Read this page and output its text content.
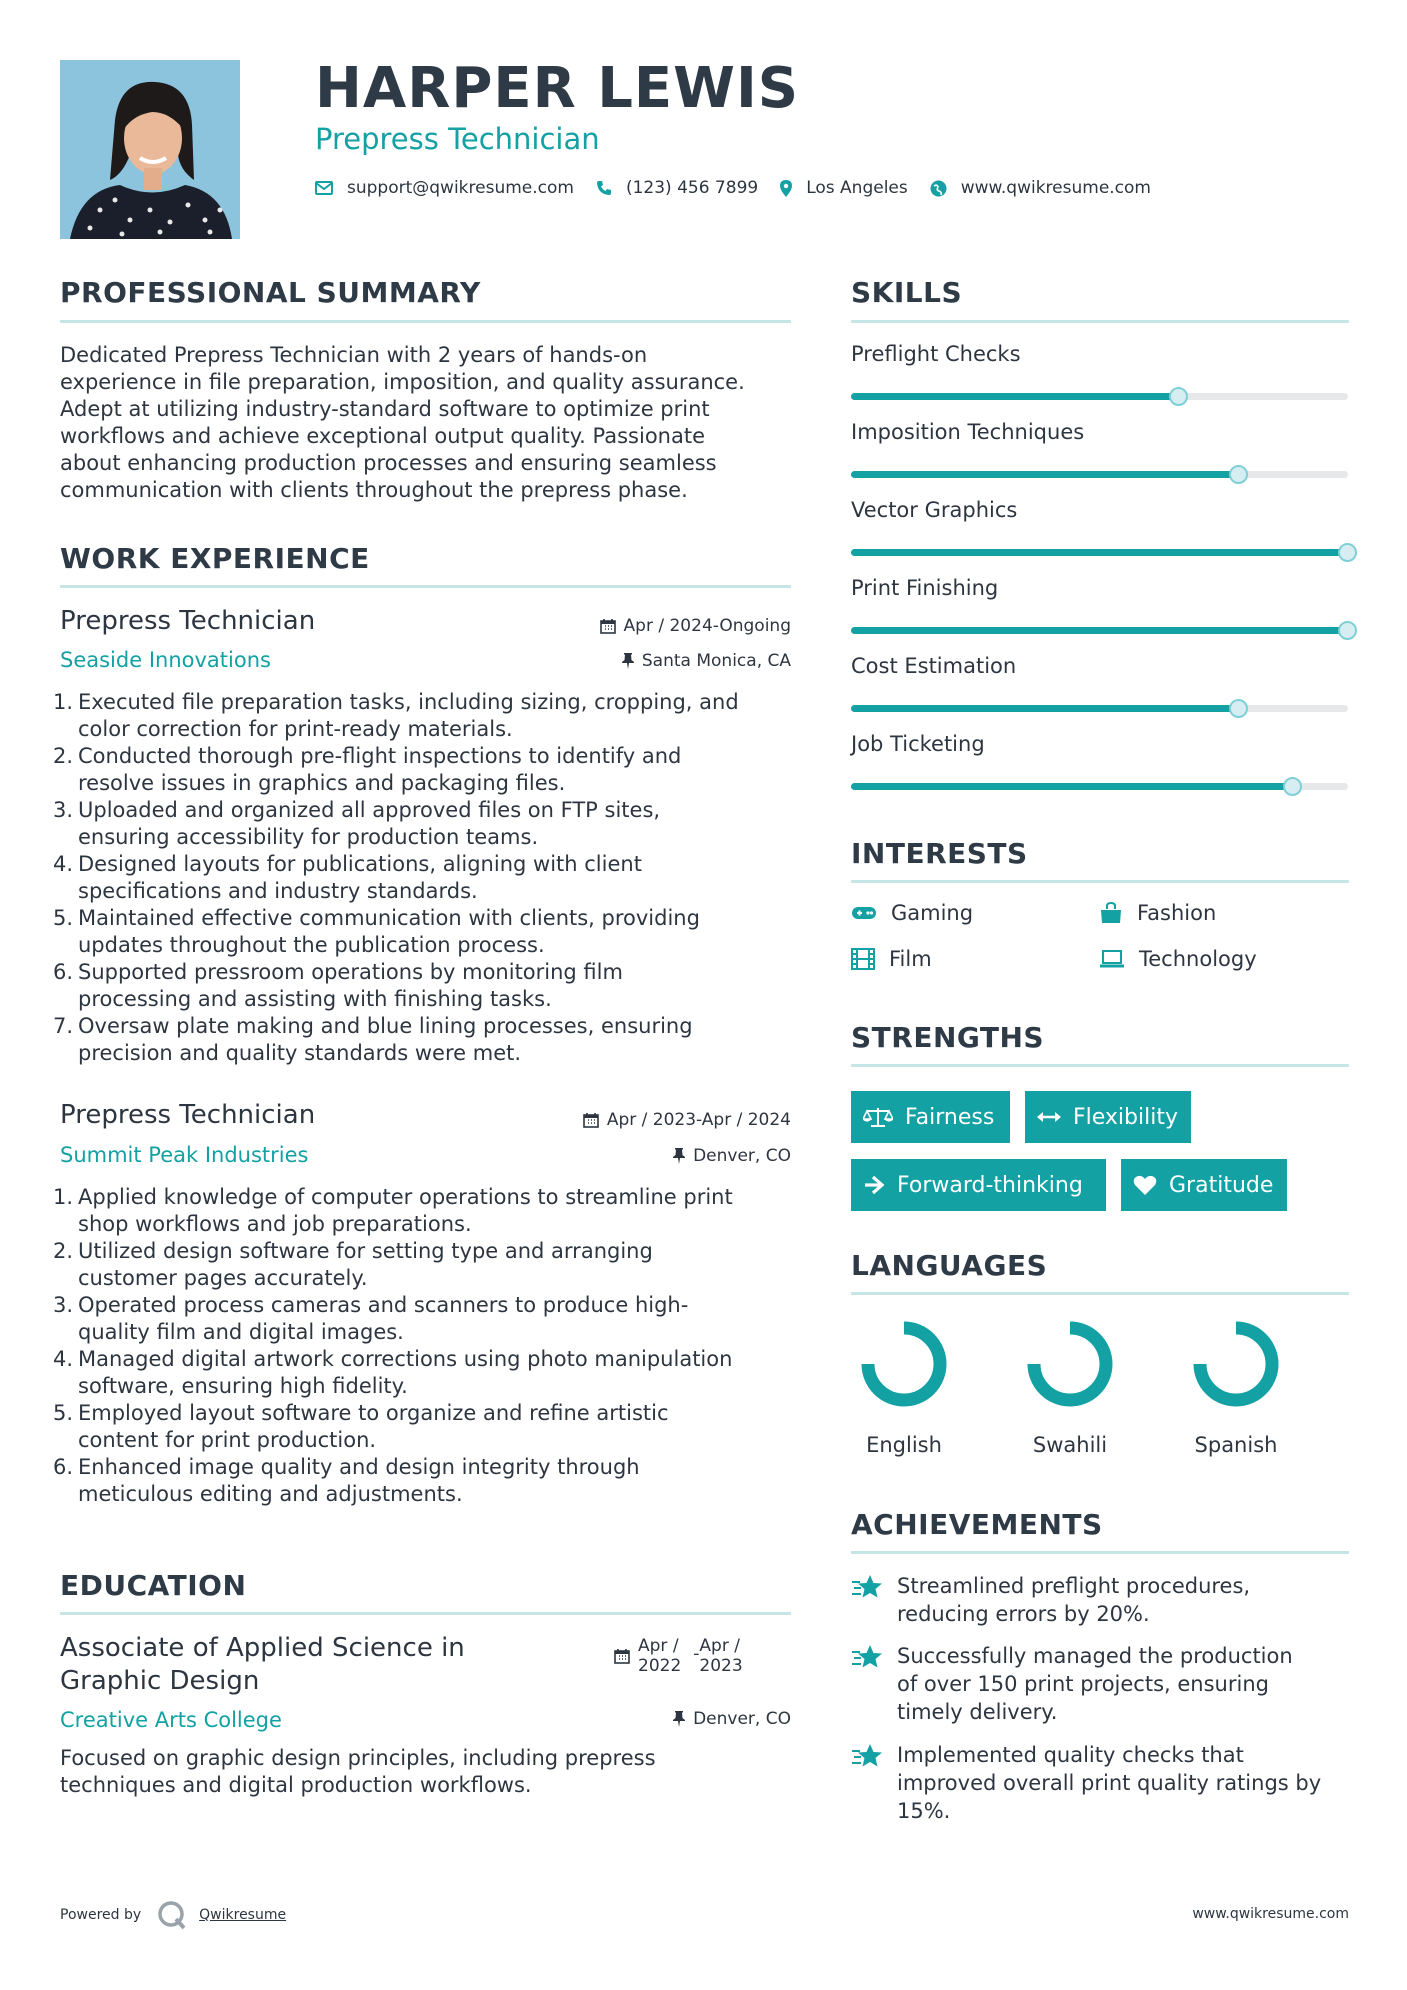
HARPER LEWIS
Prepress Technician
support@qwikresume.com	(123) 456 7899	Los Angeles	www.qwikresume.com
PROFESSIONAL SUMMARY
Dedicated Prepress Technician with 2 years of hands-on
experience in file preparation, imposition, and quality assurance.
Adept at utilizing industry-standard software to optimize print
workflows and achieve exceptional output quality. Passionate
about enhancing production processes and ensuring seamless
communication with clients throughout the prepress phase.
WORK EXPERIENCE
Prepress Technician	Apr / 2024-Ongoing
Seaside Innovations	Santa Monica, CA
Executed file preparation tasks, including sizing, cropping, and
color correction for print-ready materials.
Conducted thorough pre-flight inspections to identify and
resolve issues in graphics and packaging files.
Uploaded and organized all approved files on FTP sites,
ensuring accessibility for production teams.
Designed layouts for publications, aligning with client
specifications and industry standards.
Maintained effective communication with clients, providing
updates throughout the publication process.
Supported pressroom operations by monitoring film
processing and assisting with finishing tasks.
Oversaw plate making and blue lining processes, ensuring
precision and quality standards were met.
Prepress Technician	Apr / 2023-Apr / 2024
Summit Peak Industries	Denver, CO
Applied knowledge of computer operations to streamline print
shop workflows and job preparations.
Utilized design software for setting type and arranging
customer pages accurately.
Operated process cameras and scanners to produce high-
quality film and digital images.
Managed digital artwork corrections using photo manipulation
software, ensuring high fidelity.
Employed layout software to organize and refine artistic
content for print production.
Enhanced image quality and design integrity through
meticulous editing and adjustments.
EDUCATION
Associate of Applied Science in
Graphic Design
Apr /
2022
- Apr /
2023
Creative Arts College	Denver, CO
Focused on graphic design principles, including prepress
techniques and digital production workflows.
SKILLS
Preflight Checks
Imposition Techniques
Vector Graphics
Print Finishing
Cost Estimation
Job Ticketing
INTERESTS
Gaming	Fashion
Film	Technology
STRENGTHS
Fairness	Flexibility
Forward-thinking	Gratitude
LANGUAGES
English	Swahili	Spanish
ACHIEVEMENTS
Streamlined preflight procedures,
reducing errors by 20%.
Successfully managed the production
of over 150 print projects, ensuring
timely delivery.
Implemented quality checks that
improved overall print quality ratings by
15%.
Powered by	Qwikresume	www.qwikresume.com
